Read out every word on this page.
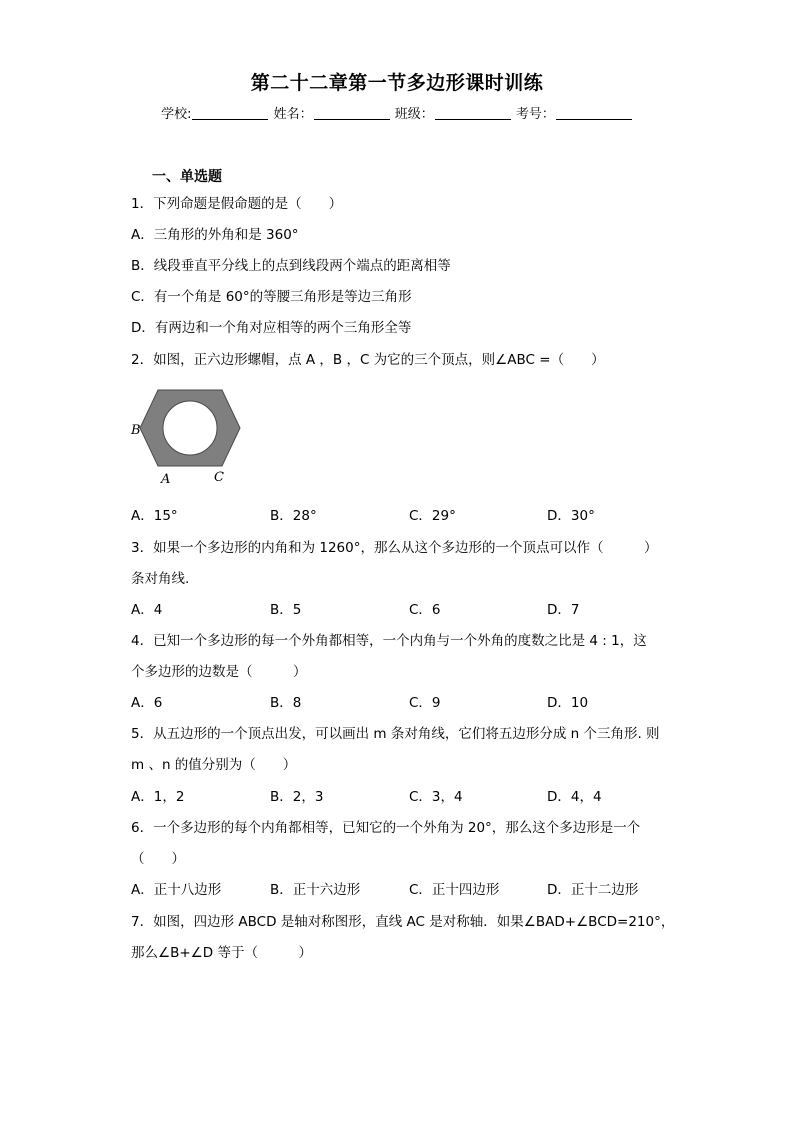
第二十二章第一节多边形课时训练
学校:	姓名：	班级：	考号：
一、单选题
1．下列命题是假命题的是（　　）
A．三角形的外角和是 360°
B．线段垂直平分线上的点到线段两个端点的距离相等
C．有一个角是 60°的等腰三角形是等边三角形
D．有两边和一个角对应相等的两个三角形全等
2．如图，正六边形螺帽，点 A ，B ，C 为它的三个顶点，则∠ABC =（　　）
B
A	C
A．15°	B．28°	C．29°	D．30°
3．如果一个多边形的内角和为 1260°，那么从这个多边形的一个顶点可以作（　　　）
条对角线.
A．4	B．5	C．6	D．7
4．已知一个多边形的每一个外角都相等，一个内角与一个外角的度数之比是 4 : 1，这
个多边形的边数是（　　　）
A．6	B．8	C．9	D．10
5．从五边形的一个顶点出发，可以画出 m 条对角线，它们将五边形分成 n 个三角形. 则
m 、n 的值分别为（　　）
A．1，2	B．2，3	C．3，4	D．4，4
6．一个多边形的每个内角都相等，已知它的一个外角为 20°，那么这个多边形是一个
（　　）
A．正十八边形	B．正十六边形	C．正十四边形	D．正十二边形
7．如图，四边形 ABCD 是轴对称图形，直线 AC 是对称轴．如果∠BAD+∠BCD=210°，
那么∠B+∠D 等于（　　　）
